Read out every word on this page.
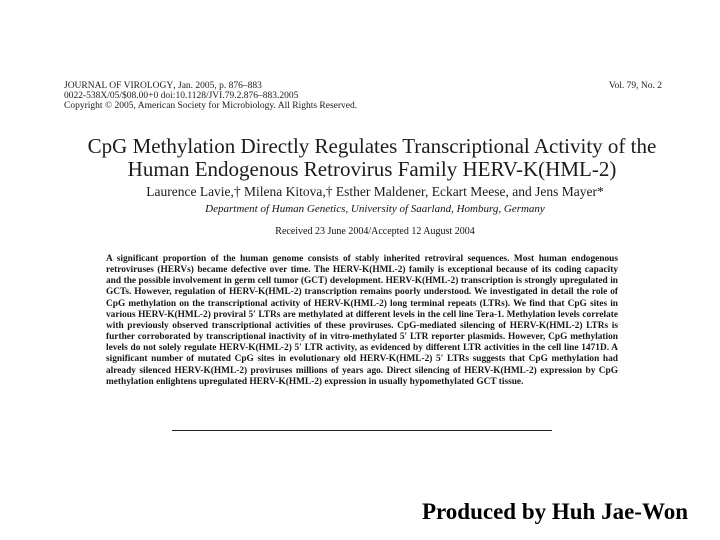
JOURNAL OF VIROLOGY, Jan. 2005, p. 876–883	Vol. 79, No. 2
0022-538X/05/$08.00+0 doi:10.1128/JVI.79.2.876–883.2005
Copyright © 2005, American Society for Microbiology. All Rights Reserved.
CpG Methylation Directly Regulates Transcriptional Activity of the Human Endogenous Retrovirus Family HERV-K(HML-2)
Laurence Lavie,† Milena Kitova,† Esther Maldener, Eckart Meese, and Jens Mayer*
Department of Human Genetics, University of Saarland, Homburg, Germany
Received 23 June 2004/Accepted 12 August 2004
A significant proportion of the human genome consists of stably inherited retroviral sequences. Most human endogenous retroviruses (HERVs) became defective over time. The HERV-K(HML-2) family is exceptional because of its coding capacity and the possible involvement in germ cell tumor (GCT) development. HERV-K(HML-2) transcription is strongly upregulated in GCTs. However, regulation of HERV-K(HML-2) transcription remains poorly understood. We investigated in detail the role of CpG methylation on the transcriptional activity of HERV-K(HML-2) long terminal repeats (LTRs). We find that CpG sites in various HERV-K(HML-2) proviral 5′ LTRs are methylated at different levels in the cell line Tera-1. Methylation levels correlate with previously observed transcriptional activities of these proviruses. CpG-mediated silencing of HERV-K(HML-2) LTRs is further corroborated by transcriptional inactivity of in vitro-methylated 5′ LTR reporter plasmids. However, CpG methylation levels do not solely regulate HERV-K(HML-2) 5′ LTR activity, as evidenced by different LTR activities in the cell line 1471D. A significant number of mutated CpG sites in evolutionary old HERV-K(HML-2) 5′ LTRs suggests that CpG methylation had already silenced HERV-K(HML-2) proviruses millions of years ago. Direct silencing of HERV-K(HML-2) expression by CpG methylation enlightens upregulated HERV-K(HML-2) expression in usually hypomethylated GCT tissue.
Produced by Huh Jae-Won
